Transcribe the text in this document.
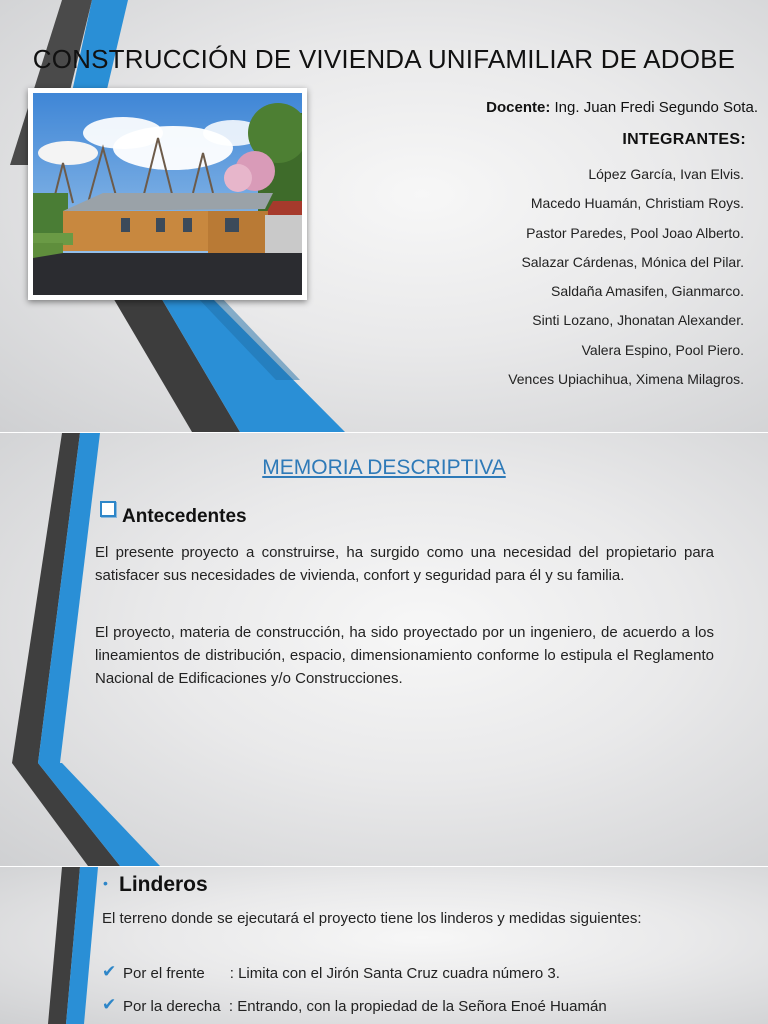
CONSTRUCCIÓN DE VIVIENDA UNIFAMILIAR DE ADOBE
Docente: Ing. Juan Fredi Segundo Sota.
INTEGRANTES:
López García, Ivan Elvis.
Macedo Huamán, Christiam Roys.
Pastor Paredes, Pool Joao Alberto.
Salazar Cárdenas, Mónica del Pilar.
Saldaña Amasifen, Gianmarco.
Sinti Lozano, Jhonatan Alexander.
Valera Espino, Pool Piero.
Vences Upiachihua, Ximena Milagros.
MEMORIA DESCRIPTIVA
Antecedentes

El presente proyecto a construirse, ha surgido como una necesidad del propietario para satisfacer sus necesidades de vivienda, confort y seguridad para él y su familia.

El proyecto, materia de construcción, ha sido proyectado por un ingeniero, de acuerdo a los lineamientos de distribución, espacio, dimensionamiento conforme lo estipula el Reglamento Nacional de Edificaciones y/o Construcciones.

• Linderos

El terreno donde se ejecutará el proyecto tiene los linderos y medidas siguientes:

✔ Por el frente : Limita con el Jirón Santa Cruz cuadra número 3.
✔ Por la derecha : Entrando, con la propiedad de la Señora Enoé Huamán
